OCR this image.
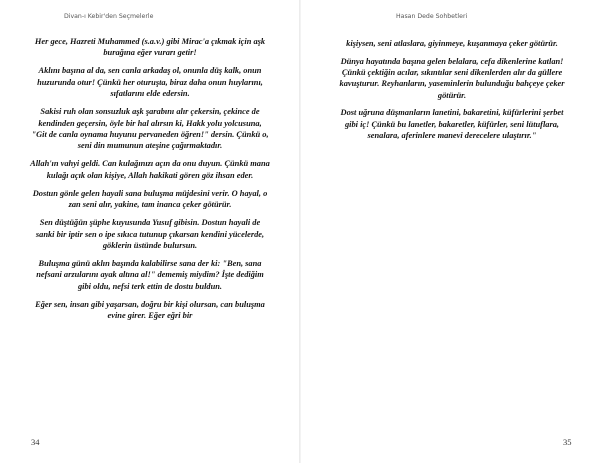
Divan-ı Kebir'den Seçmelerle

Her gece, Hazreti Muhammed (s.a.v.) gibi Mirac'a çıkmak için aşk burağına eğer vurarı getir!

Aklını başına al da, sen canla arkadaş ol, onunla düş kalk, onun huzurunda otur! Çünkü her oturuşta, biraz daha onun huylarını, sıfatlarını elde edersin.

Sakisi ruh olan sonsuzluk aşk şarabını alır çekersin, çekince de kendinden geçersin, öyle bir hal alırsın ki, Hakk yolu yolcusuna, "Git de canla oynama huyunu pervaneden öğren!" dersin. Çünkü o, seni din mumunun ateşine çağırmaktadır.

Allah'ın vahyi geldi. Can kulağınızı açın da onu duyun. Çünkü mana kulağı açık olan kişiye, Allah hakikati gören göz ihsan eder.

Dostun gönle gelen hayali sana buluşma müjdesini verir. O hayal, o zan seni alır, yakine, tam inanca çeker götürür.

Sen düştüğün şüphe kuyusunda Yusuf gibisin. Dostun hayali de sanki bir iptir sen o ipe sıkıca tutunup çıkarsan kendini yücelerde, göklerin üstünde bulursun.

Buluşma günü aklın başında kalabilirse sana der ki: "Ben, sana nefsani arzularını ayak altına al!" dememiş miydim? İşte dediğim gibi oldu, nefsi terk ettin de dostu buldun.

Eğer sen, insan gibi yaşarsan, doğru bir kişi olursan, can buluşma evine girer. Eğer eğri bir

34
Hasan Dede Sohbetleri

kişiysen, seni atlaslara, giyinmeye, kuşanmaya çeker götürür.

Dünya hayatında başına gelen belalara, cefa dikenlerine katlan! Çünkü çektiğin acılar, sıkıntılar seni dikenlerden alır da güllere kavuşturur. Reyhanların, yaseminlerin bulunduğu bahçeye çeker götürür.

Dost uğruna düşmanların lanetini, bakaretini, küfürlerini şerbet gibi iç! Çünkü bu lanetler, bakaretler, küfürler, seni lütuflara, senalara, aferinlere manevi derecelere ulaştırır."

35
